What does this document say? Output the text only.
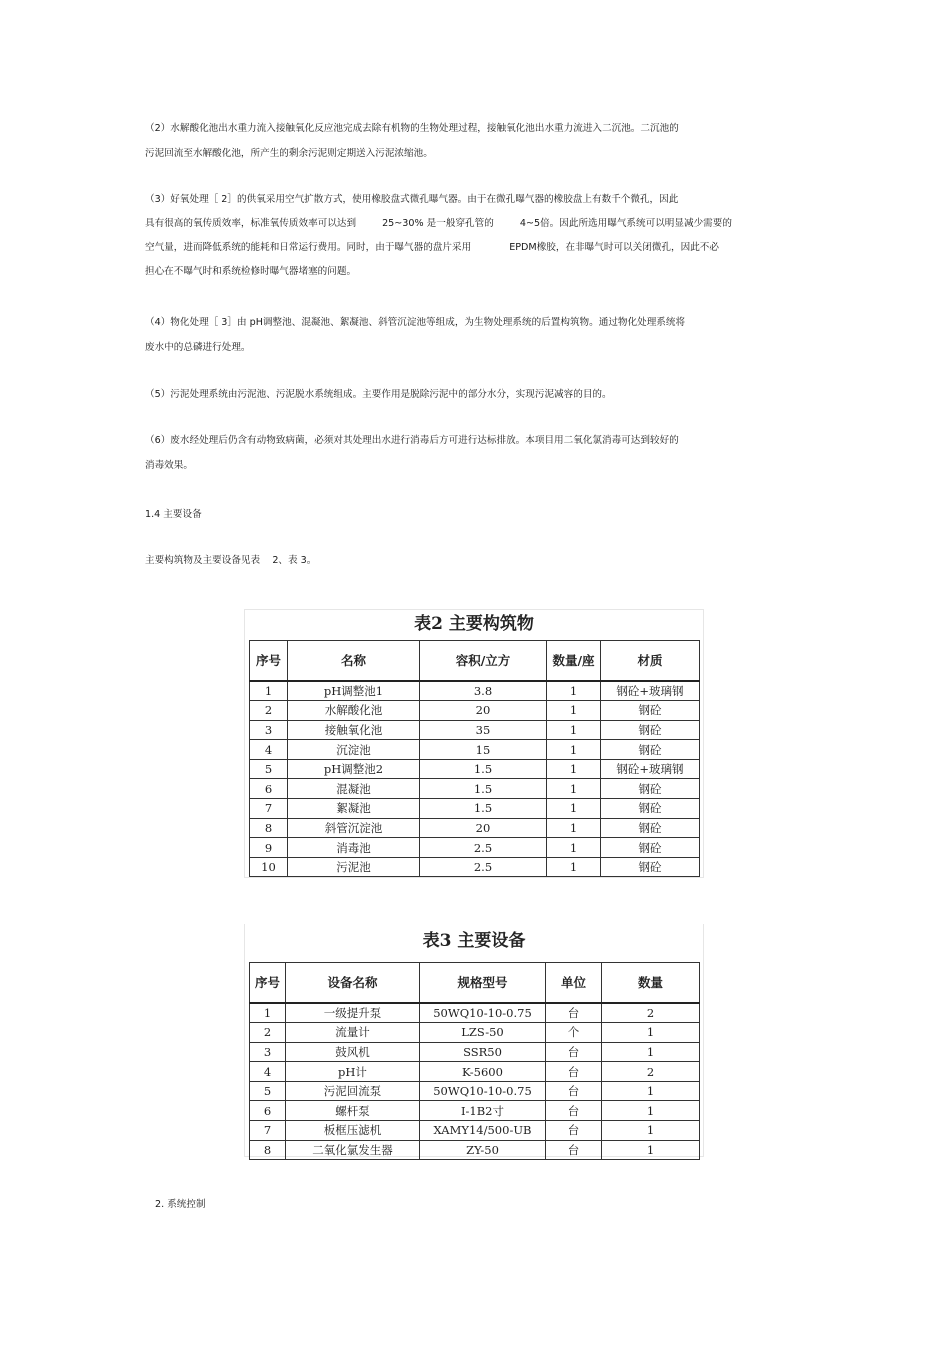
（2）水解酸化池出水重力流入接触氧化反应池完成去除有机物的生物处理过程，接触氧化池出水重力流进入二沉池。二沉池的
污泥回流至水解酸化池，所产生的剩余污泥则定期送入污泥浓缩池。
（3）好氧处理［ 2］的供氧采用空气扩散方式，使用橡胶盘式微孔曝气器。由于在微孔曝气器的橡胶盘上有数千个微孔，因此
具有很高的氧传质效率，标准氧传质效率可以达到	25~30% 是一般穿孔管的	4~5倍。因此所选用曝气系统可以明显减少需要的
空气量，进而降低系统的能耗和日常运行费用。同时，由于曝气器的盘片采用	EPDM橡胶，在非曝气时可以关闭微孔，因此不必
担心在不曝气时和系统检修时曝气器堵塞的问题。
（4）物化处理［ 3］由 pH调整池、混凝池、絮凝池、斜管沉淀池等组成，为生物处理系统的后置构筑物。通过物化处理系统将
废水中的总磷进行处理。
（5）污泥处理系统由污泥池、污泥脱水系统组成。主要作用是脱除污泥中的部分水分，实现污泥减容的目的。
（6）废水经处理后仍含有动物致病菌，必须对其处理出水进行消毒后方可进行达标排放。本项目用二氧化氯消毒可达到较好的
消毒效果。
1.4 主要设备
主要构筑物及主要设备见表    2、表 3。
表2 主要构筑物
序号	名称	容积/立方	数量/座	材质
1	pH调整池1	3.8	1	钢砼+玻璃钢
2	水解酸化池	20	1	钢砼
3	接触氧化池	35	1	钢砼
4	沉淀池	15	1	钢砼
5	pH调整池2	1.5	1	钢砼+玻璃钢
6	混凝池	1.5	1	钢砼
7	絮凝池	1.5	1	钢砼
8	斜管沉淀池	20	1	钢砼
9	消毒池	2.5	1	钢砼
10	污泥池	2.5	1	钢砼
表3 主要设备
序号	设备名称	规格型号	单位	数量
1	一级提升泵	50WQ10-10-0.75	台	2
2	流量计	LZS-50	个	1
3	鼓风机	SSR50	台	1
4	pH计	K-5600	台	2
5	污泥回流泵	50WQ10-10-0.75	台	1
6	螺杆泵	I-1B2寸	台	1
7	板框压滤机	XAMY14/500-UB	台	1
8	二氧化氯发生器	ZY-50	台	1
2. 系统控制
